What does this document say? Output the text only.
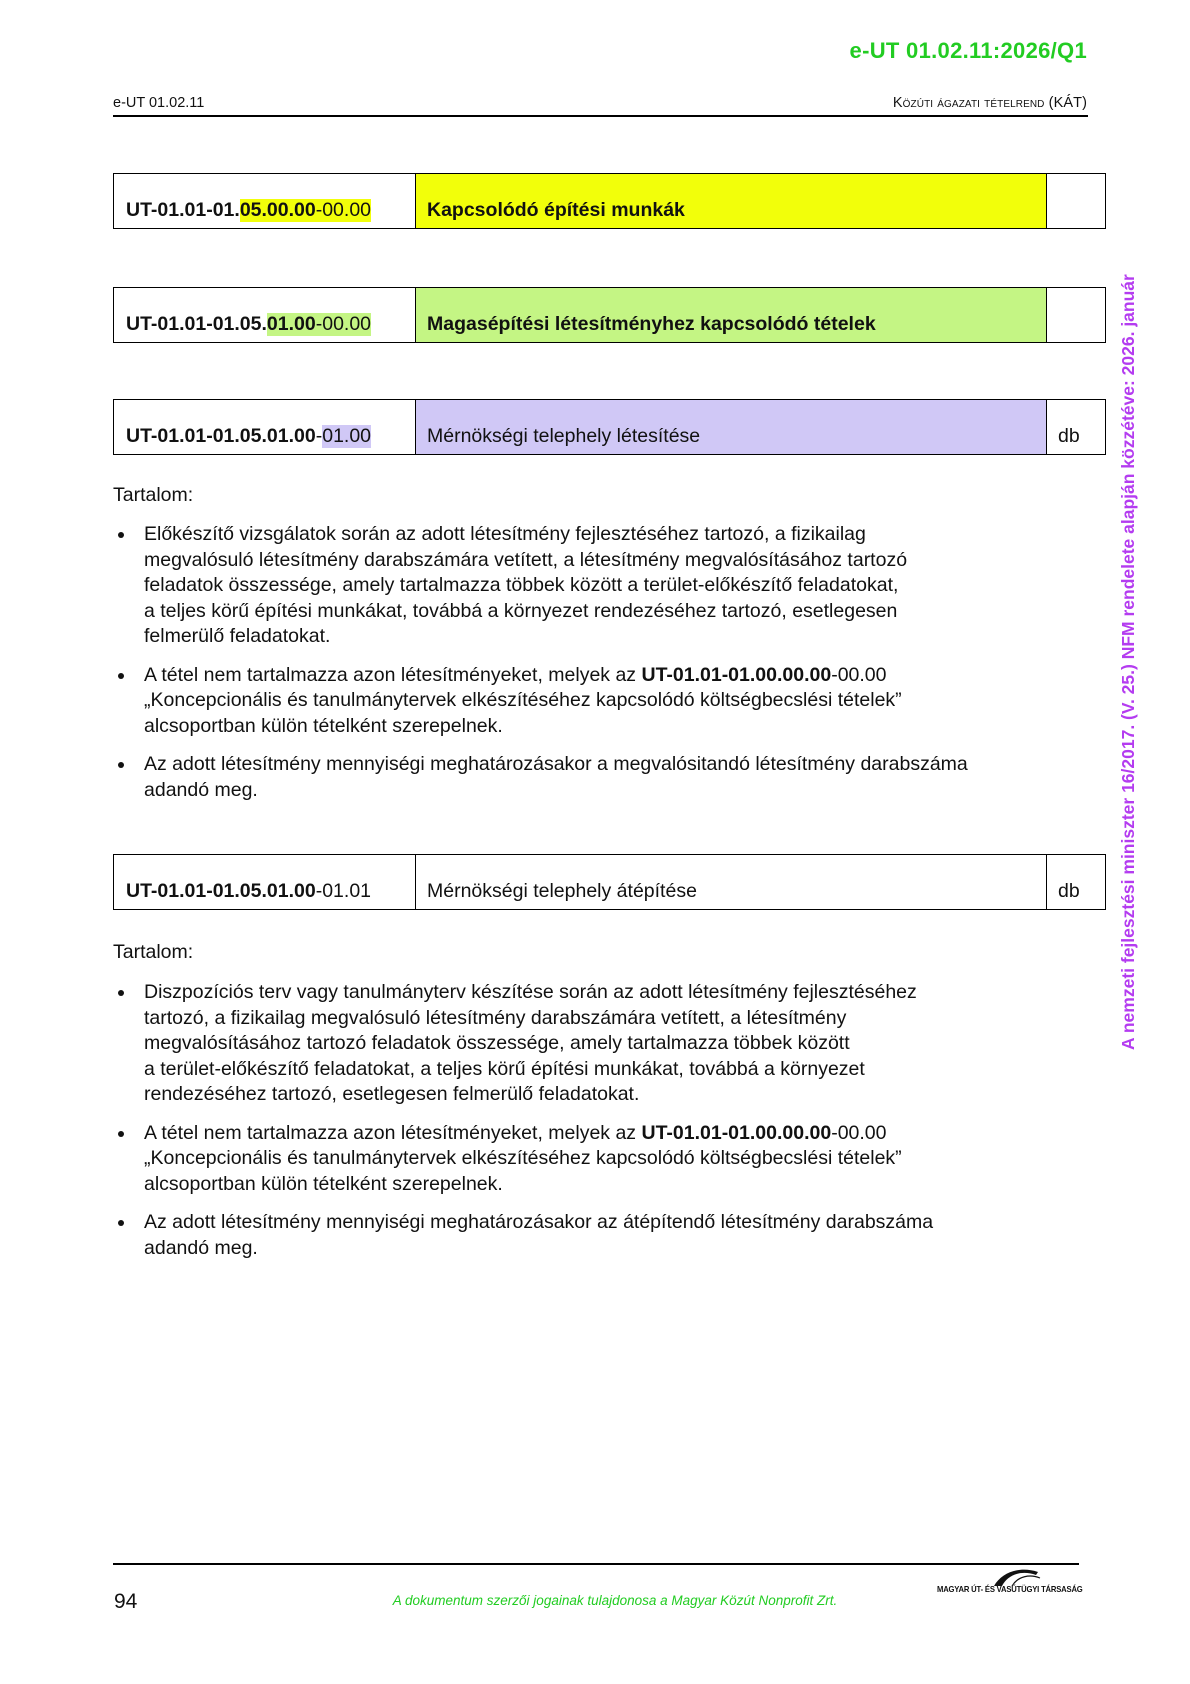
e-UT 01.02.11:2026/Q1
e-UT 01.02.11	Közúti ágazati tételrend (KÁT)
UT-01.01-01. 05.00.00 -00.00	Kapcsolódó építési munkák
UT-01.01-01.05. 01.00 -00.00	Magasépítési létesítményhez kapcsolódó tételek
UT-01.01-01.05.01.00 - 01.00	Mérnökségi telephely létesítése	db
Tartalom:
Előkészítő vizsgálatok során az adott létesítmény fejlesztéséhez tartozó, a fizikailag
megvalósuló létesítmény darabszámára vetített, a létesítmény megvalósításához tartozó
feladatok összessége, amely tartalmazza többek között a terület-előkészítő feladatokat,
a teljes körű építési munkákat, továbbá a környezet rendezéséhez tartozó, esetlegesen
felmerülő feladatokat.
A tétel nem tartalmazza azon létesítményeket, melyek az UT-01.01-01.00.00.00-00.00
„Koncepcionális és tanulmánytervek elkészítéséhez kapcsolódó költségbecslési tételek”
alcsoportban külön tételként szerepelnek.
Az adott létesítmény mennyiségi meghatározásakor a megvalósitandó létesítmény darabszáma
adandó meg.
UT-01.01-01.05.01.00 -01.01	Mérnökségi telephely átépítése	db
Tartalom:
Diszpozíciós terv vagy tanulmányterv készítése során az adott létesítmény fejlesztéséhez
tartozó, a fizikailag megvalósuló létesítmény darabszámára vetített, a létesítmény
megvalósításához tartozó feladatok összessége, amely tartalmazza többek között
a terület-előkészítő feladatokat, a teljes körű építési munkákat, továbbá a környezet
rendezéséhez tartozó, esetlegesen felmerülő feladatokat.
A tétel nem tartalmazza azon létesítményeket, melyek az UT-01.01-01.00.00.00-00.00
„Koncepcionális és tanulmánytervek elkészítéséhez kapcsolódó költségbecslési tételek”
alcsoportban külön tételként szerepelnek.
Az adott létesítmény mennyiségi meghatározásakor az átépítendő létesítmény darabszáma
adandó meg.
A nemzeti fejlesztési miniszter 16/2017. (V. 25.) NFM rendelete alapján közzétéve: 2026. január
94	A dokumentum szerzői jogainak tulajdonosa a Magyar Közút Nonprofit Zrt.
MAGYAR ÚT- ÉS VASÚTÜGYI TÁRSASÁG
